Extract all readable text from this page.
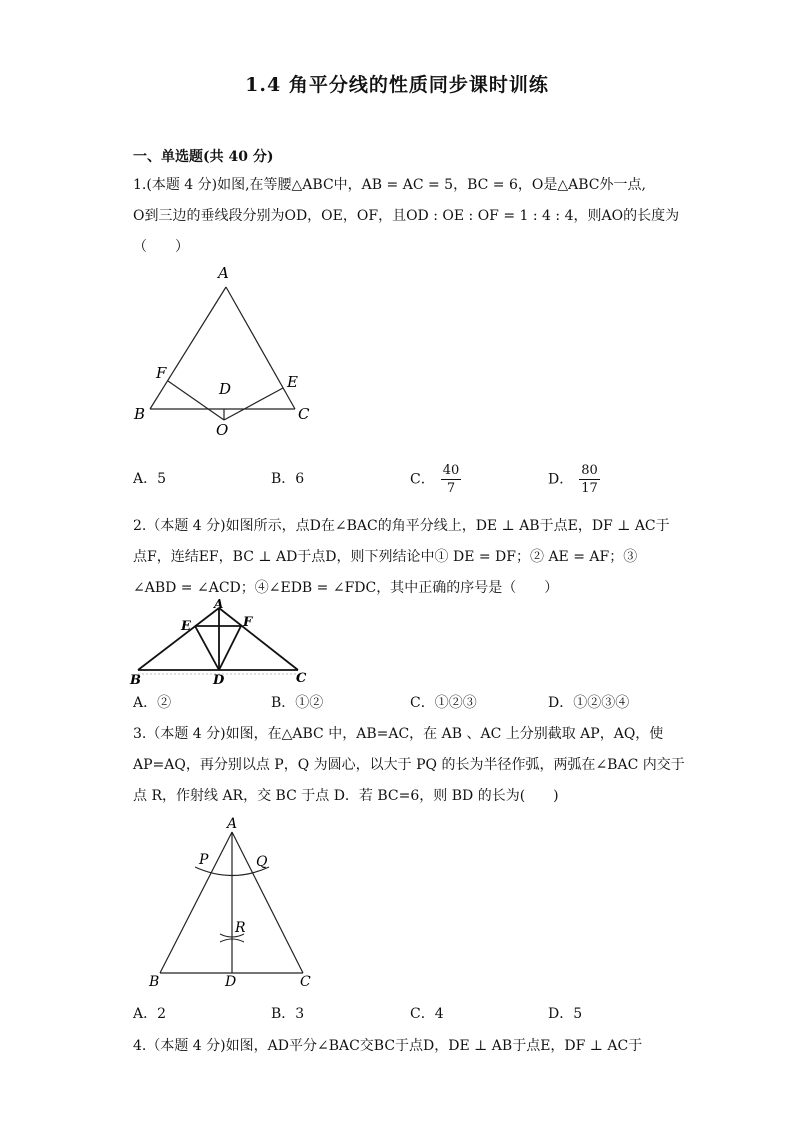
1.4 角平分线的性质同步课时训练
一、单选题(共 40 分)
1.(本题 4 分)如图,在等腰△ABC中，AB = AC = 5，BC = 6，O是△ABC外一点,
O到三边的垂线段分别为OD，OE，OF，且OD : OE : OF = 1 : 4 : 4，则AO的长度为
（　　）
A
B	C
D	E
F
O
A．5	B．6	C． $\frac{40}{7}$	D． $\frac{80}{17}$
2.（本题 4 分)如图所示，点D在∠BAC的角平分线上，DE ⊥ AB于点E，DF ⊥ AC于
点F，连结EF，BC ⊥ AD于点D，则下列结论中① DE = DF；② AE = AF；③
∠ABD = ∠ACD；④∠EDB = ∠FDC，其中正确的序号是（　　）
A
B	C
D
E	F
A．②	B．①②	C．①②③	D．①②③④
3.（本题 4 分)如图，在△ABC 中，AB=AC，在 AB 、AC 上分别截取 AP，AQ，使
AP=AQ，再分别以点 P，Q 为圆心，以大于 PQ 的长为半径作弧，两弧在∠BAC 内交于
点 R，作射线 AR，交 BC 于点 D．若 BC=6，则 BD 的长为(　　)
A
P	Q
R
B	D	C
A．2	B．3	C．4	D．5
4.（本题 4 分)如图，AD平分∠BAC交BC于点D，DE ⊥ AB于点E，DF ⊥ AC于
